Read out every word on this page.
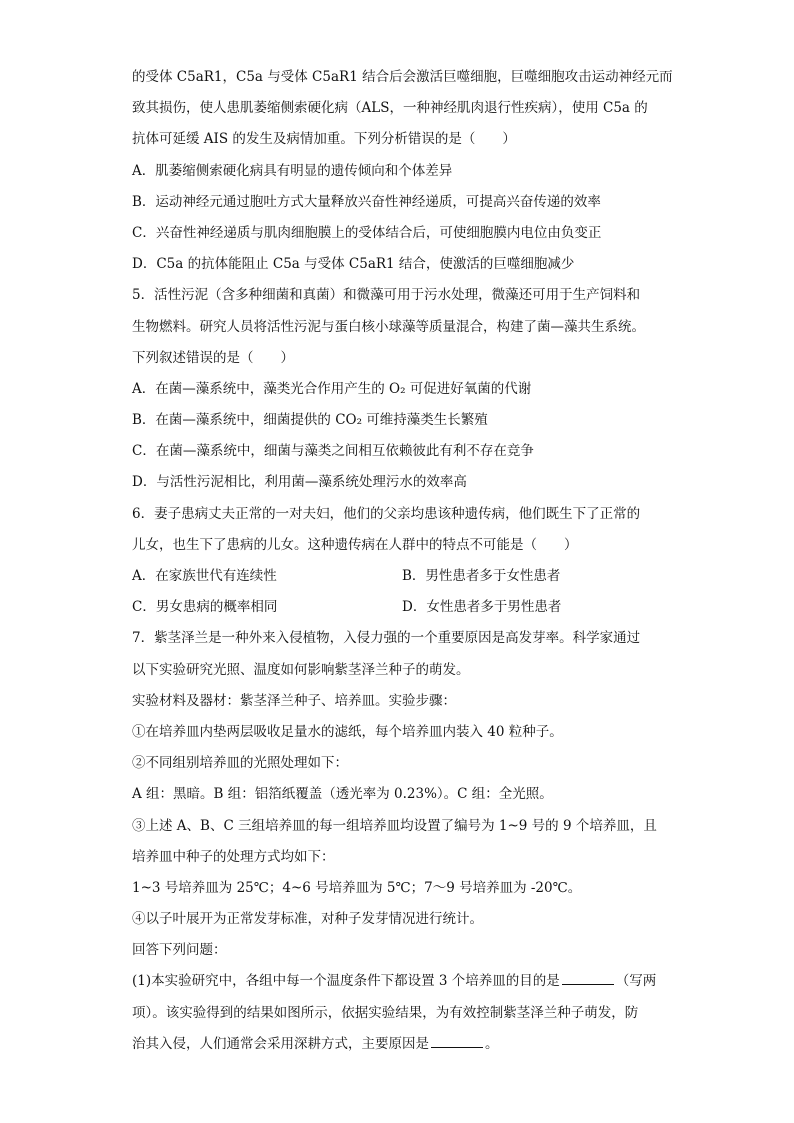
的受体 C5aR1，C5a 与受体 C5aR1 结合后会激活巨噬细胞，巨噬细胞攻击运动神经元而
致其损伤，使人患肌萎缩侧索硬化病（ALS，一种神经肌肉退行性疾病），使用 C5a 的
抗体可延缓 AIS 的发生及病情加重。下列分析错误的是（　　）
A．肌萎缩侧索硬化病具有明显的遗传倾向和个体差异
B．运动神经元通过胞吐方式大量释放兴奋性神经递质，可提高兴奋传递的效率
C．兴奋性神经递质与肌肉细胞膜上的受体结合后，可使细胞膜内电位由负变正
D．C5a 的抗体能阻止 C5a 与受体 C5aR1 结合，使激活的巨噬细胞减少
5．活性污泥（含多种细菌和真菌）和微藻可用于污水处理，微藻还可用于生产饲料和
生物燃料。研究人员将活性污泥与蛋白核小球藻等质量混合，构建了菌—藻共生系统。
下列叙述错误的是（　　）
A．在菌—藻系统中，藻类光合作用产生的 O₂ 可促进好氧菌的代谢
B．在菌—藻系统中，细菌提供的 CO₂ 可维持藻类生长繁殖
C．在菌—藻系统中，细菌与藻类之间相互依赖彼此有利不存在竞争
D．与活性污泥相比，利用菌—藻系统处理污水的效率高
6．妻子患病丈夫正常的一对夫妇，他们的父亲均患该种遗传病，他们既生下了正常的
儿女，也生下了患病的儿女。这种遗传病在人群中的特点不可能是（　　）
A．在家族世代有连续性	B．男性患者多于女性患者
C．男女患病的概率相同	D．女性患者多于男性患者
7．紫茎泽兰是一种外来入侵植物，入侵力强的一个重要原因是高发芽率。科学家通过
以下实验研究光照、温度如何影响紫茎泽兰种子的萌发。
实验材料及器材：紫茎泽兰种子、培养皿。实验步骤：
①在培养皿内垫两层吸收足量水的滤纸，每个培养皿内装入 40 粒种子。
②不同组别培养皿的光照处理如下：
A 组：黑暗。B 组：铝箔纸覆盖（透光率为 0.23%）。C 组：全光照。
③上述 A、B、C 三组培养皿的每一组培养皿均设置了编号为 1~9 号的 9 个培养皿，且
培养皿中种子的处理方式均如下：
1~3 号培养皿为 25℃；4~6 号培养皿为 5℃；7～9 号培养皿为 -20℃。
④以子叶展开为正常发芽标准，对种子发芽情况进行统计。
回答下列问题：
(1)本实验研究中，各组中每一个温度条件下都设置 3 个培养皿的目的是	（写两
项）。该实验得到的结果如图所示，依据实验结果，为有效控制紫茎泽兰种子萌发，防
治其入侵，人们通常会采用深耕方式，主要原因是	。
